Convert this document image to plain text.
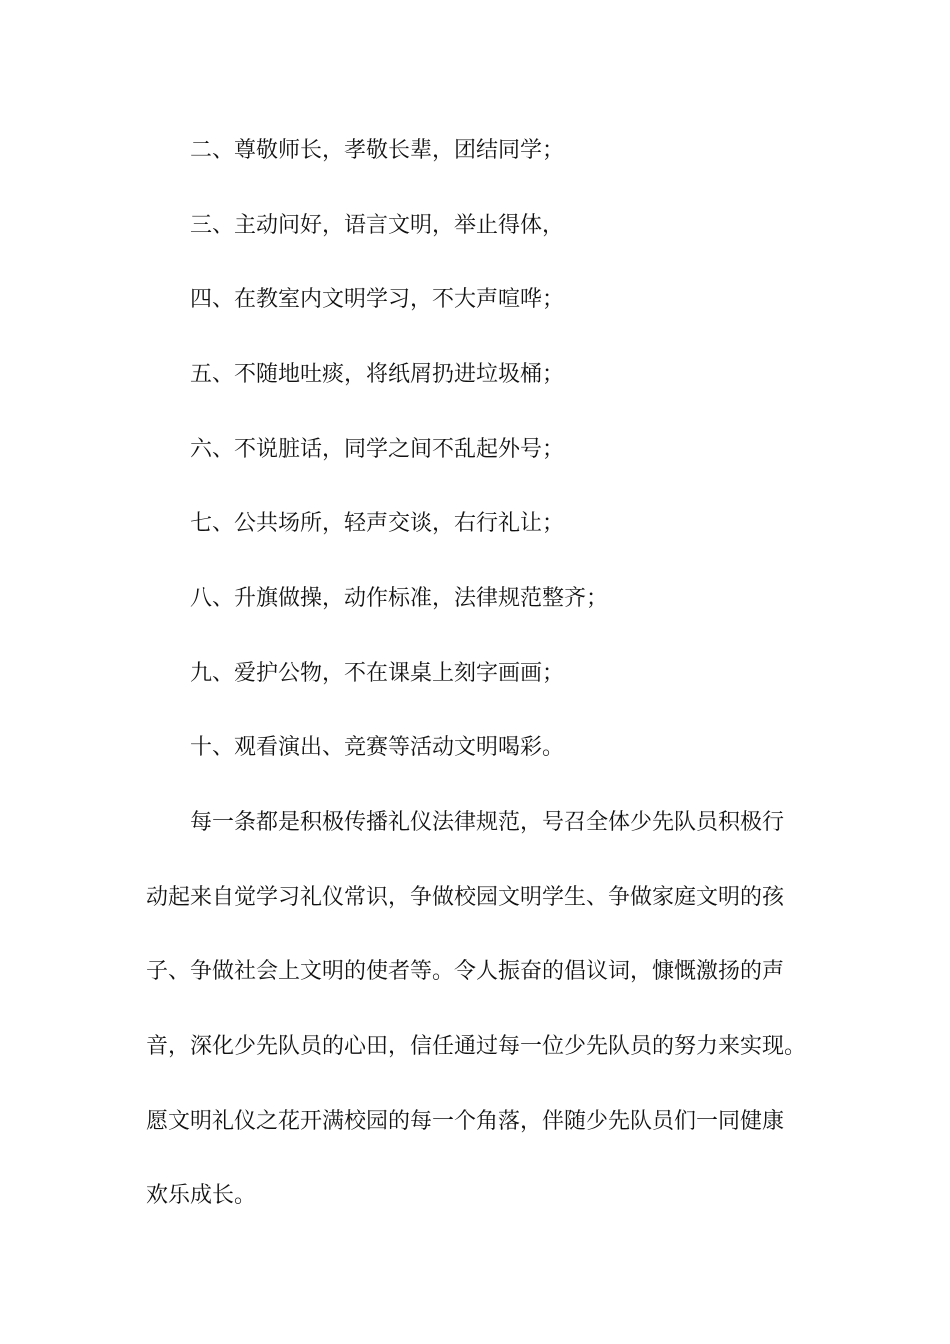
二、尊敬师长，孝敬长辈，团结同学；
三、主动问好，语言文明，举止得体，
四、在教室内文明学习，不大声喧哗；
五、不随地吐痰，将纸屑扔进垃圾桶；
六、不说脏话，同学之间不乱起外号；
七、公共场所，轻声交谈，右行礼让；
八、升旗做操，动作标准，法律规范整齐；
九、爱护公物，不在课桌上刻字画画；
十、观看演出、竞赛等活动文明喝彩。
每一条都是积极传播礼仪法律规范，号召全体少先队员积极行
动起来自觉学习礼仪常识，争做校园文明学生、争做家庭文明的孩
子、争做社会上文明的使者等。令人振奋的倡议词，慷慨激扬的声
音，深化少先队员的心田，信任通过每一位少先队员的努力来实现。
愿文明礼仪之花开满校园的每一个角落，伴随少先队员们一同健康
欢乐成长。
